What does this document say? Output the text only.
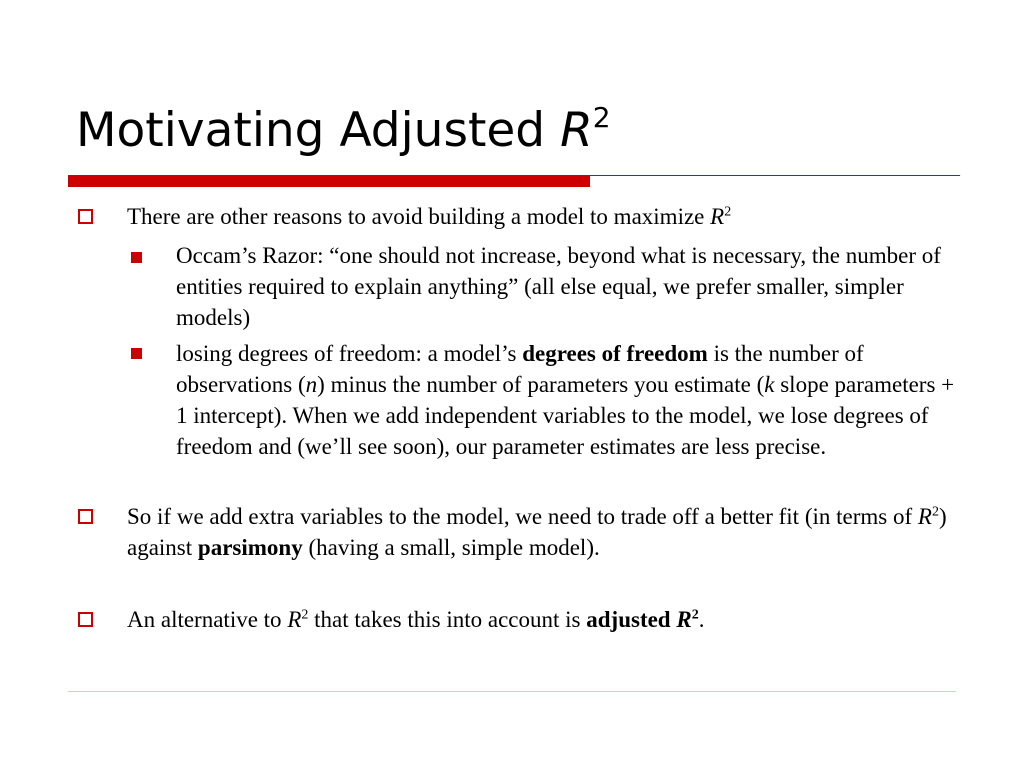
Motivating Adjusted $R^2$
There are other reasons to avoid building a model to maximize $R^2$
Occam’s Razor: “one should not increase, beyond what is necessary, the number of entities required to explain anything” (all else equal, we prefer smaller, simpler models)
losing degrees of freedom: a model’s degrees of freedom is the number of observations (n) minus the number of parameters you estimate (k slope parameters + 1 intercept). When we add independent variables to the model, we lose degrees of freedom and (we’ll see soon), our parameter estimates are less precise.
So if we add extra variables to the model, we need to trade off a better fit (in terms of $R^2$) against parsimony (having a small, simple model).
An alternative to $R^2$ that takes this into account is adjusted $R^2$.
